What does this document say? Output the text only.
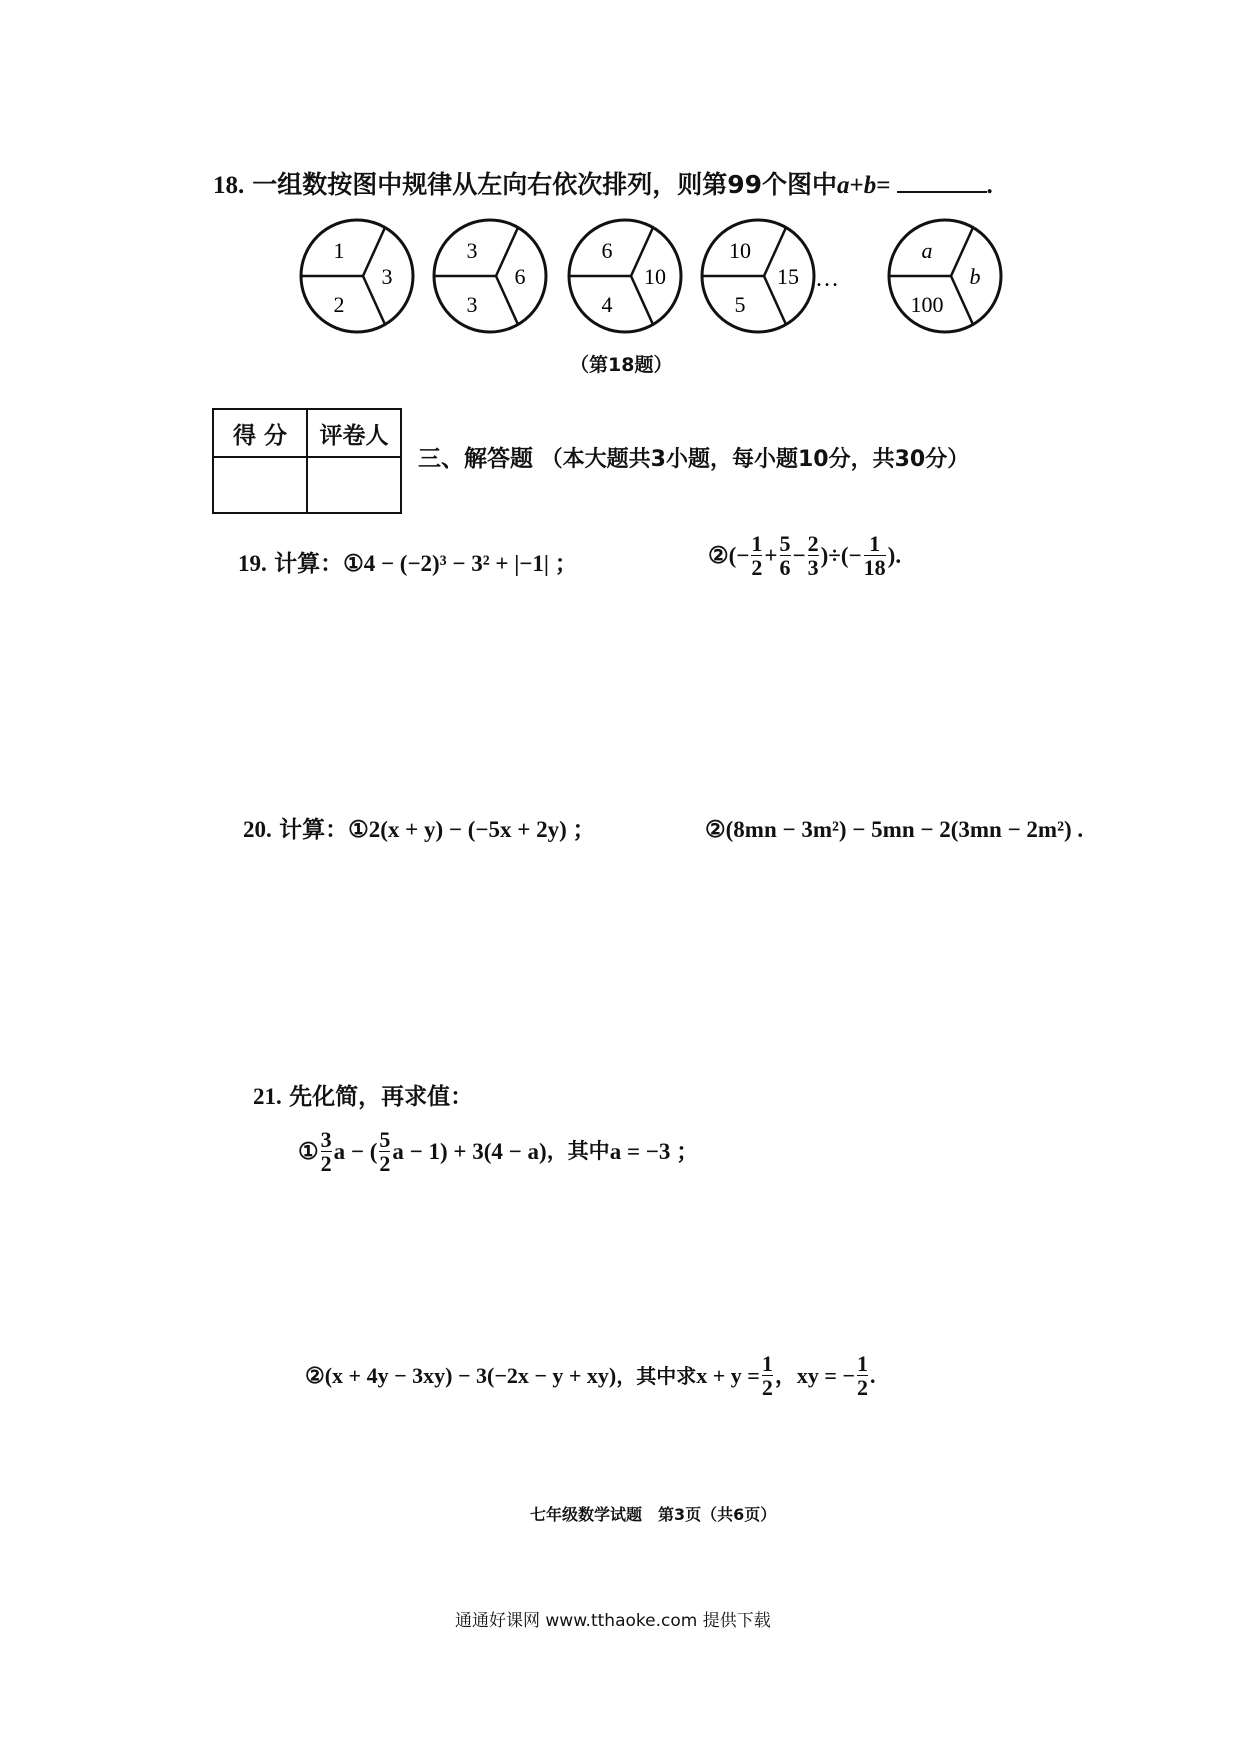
18. 一组数按图中规律从左向右依次排列，则第99个图中a+b=	.
1
2
3
3
3
6
6
4
10
10
5
15
a
100
b
…
（第18题）
得 分	评卷人

三、解答题 （本大题共3小题，每小题10分，共30分）
19. 计算：①4 − (−2)³ − 3² + |−1| ；	② (− $\frac{1}{2} + \frac{5}{6} - \frac{2}{3}$ )÷(− $\frac{1}{18}$ ).
20. 计算：①2(x + y) − (−5x + 2y) ；	②(8mn − 3m²) − 5mn − 2(3mn − 2m²) .
21. 先化简，再求值：
① $\frac{3}{2}$ a − ( $\frac{5}{2}$ a − 1) + 3(4 − a) ，其中 a = −3 ；
② (x + 4y − 3xy) − 3(−2x − y + xy) ，其中求 $x + y = \frac{1}{2}$ ， xy = − $\frac{1}{2}$ .
七年级数学试题　第3页（共6页）
通通好课网 www.tthaoke.com 提供下载
